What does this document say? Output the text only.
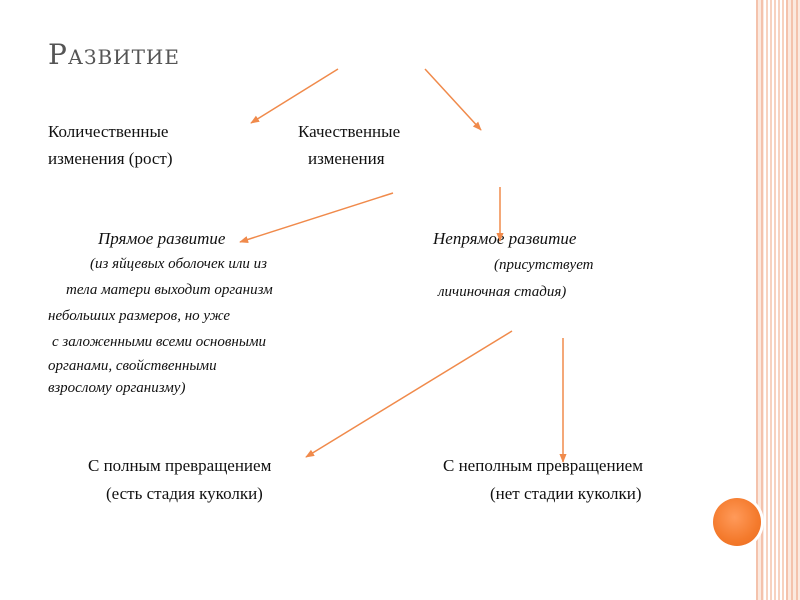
Развитие
Количественные
изменения (рост)
Качественные
изменения
Прямое развитие
(из яйцевых оболочек или из
тела матери выходит организм
небольших размеров, но уже
с заложенными всеми основными
органами, свойственными
взрослому организму)
Непрямое развитие
(присутствует
личиночная стадия)
С полным превращением
(есть стадия куколки)
С неполным превращением
(нет стадии куколки)
